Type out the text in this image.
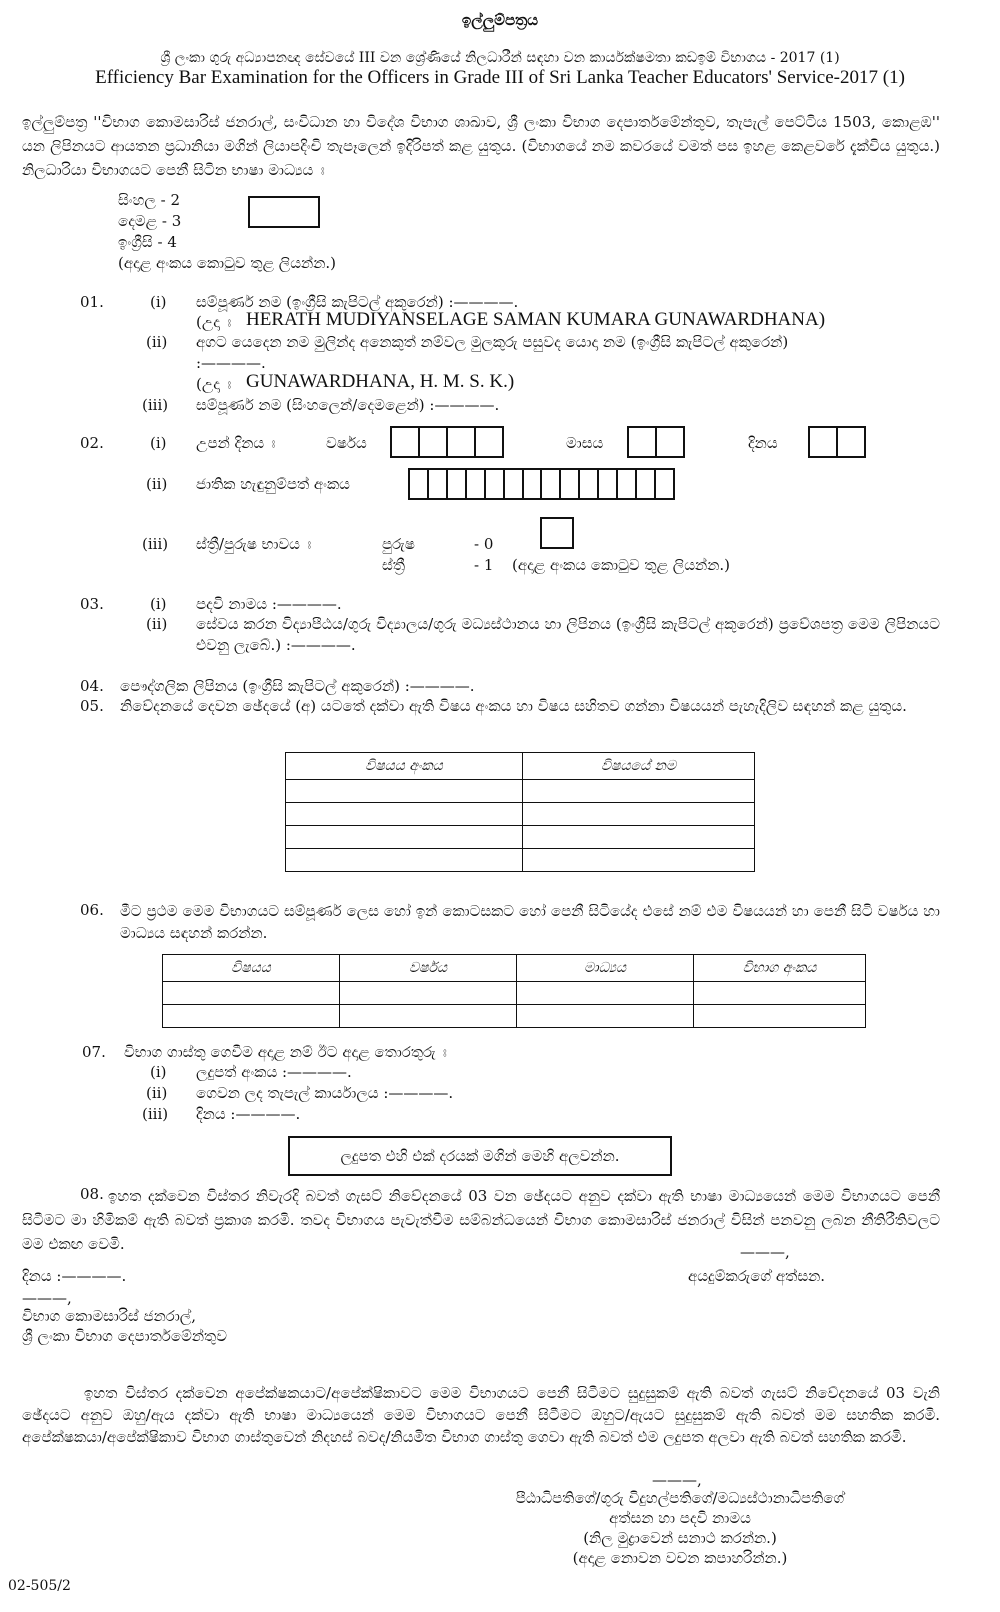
ඉල්ලුම්පත්‍රය
ශ්‍රී ලංකා ගුරු අධ්‍යාපනඥ සේවයේ III වන ශ්‍රේණියේ නිලධාරීන් සඳහා වන කාර්යක්ෂමතා කඩඉම් විභාගය - 2017 (1)
Efficiency Bar Examination for the Officers in Grade III of Sri Lanka Teacher Educators' Service-2017 (1)
ඉල්ලුම්පත්‍ර ''විභාග කොමසාරිස් ජනරාල්, සංවිධාන හා විදේශ විභාග ශාඛාව, ශ්‍රී ලංකා විභාග දෙපාර්තමේන්තුව, තැපැල් පෙට්ටිය 1503, කොළඹ'' යන ලිපිනයට ආයතන ප්‍රධානියා මගින් ලියාපදිංචි තැපෑලෙන් ඉදිරිපත් කළ යුතුය. (විභාගයේ නම කවරයේ වමත් පස ඉහළ කෙළවරේ දැක්විය යුතුය.) නිලධාරියා විභාගයට පෙනී සිටින භාෂා මාධ්‍යය ඃ
සිංහල - 2
දෙමළ - 3
ඉංග්‍රීසි - 4
(අදාළ අංකය කොටුව තුළ ලියන්න.)
01.	(i) සම්පූර්ණ නම (ඉංග්‍රීසි කැපිටල් අකුරෙන්) :————.
(උදා ඃ HERATH MUDIYANSELAGE SAMAN KUMARA GUNAWARDHANA)
(ii) අගට යෙදෙන නම මුලින්ද අනෙකුත් නම්වල මුලකුරු පසුවද යොදා නම (ඉංග්‍රීසි කැපිටල් අකුරෙන්)
:————.
(උදා ඃ GUNAWARDHANA, H. M. S. K.)
(iii) සම්පූර්ණ නම (සිංහලෙන්/දෙමළෙන්) :————.
02.	(i) උපන් දිනය ඃ	වර්ෂය	මාසය	දිනය
(ii) ජාතික හැඳුනුම්පත් අංකය
(iii) ස්ත්‍රී/පුරුෂ භාවය ඃ	පුරුෂ	- 0
ස්ත්‍රී	- 1 (අදාළ අංකය කොටුව තුළ ලියන්න.)
03.	(i) පදවි නාමය :————.
(ii) සේවය කරන විද්‍යාපීඨය/ගුරු විද්‍යාලය/ගුරු මධ්‍යස්ථානය හා ලිපිනය (ඉංග්‍රීසි කැපිටල් අකුරෙන්) ප්‍රවේශපත්‍ර මෙම ලිපිනයට එවනු ලැබේ.) :————.
04. පෞද්ගලික ලිපිනය (ඉංග්‍රීසි කැපිටල් අකුරෙන්) :————.
05. නිවේදනයේ දෙවන ඡේදයේ (අ) යටතේ දක්වා ඇති විෂය අංකය හා විෂය සහිතව ගන්නා විෂයයන් පැහැදිලිව සඳහන් කළ යුතුය.
විෂයය අංකය	විෂයයේ නම

06. මීට ප්‍රථම මෙම විභාගයට සම්පූර්ණ ලෙස හෝ ඉන් කොටසකට හෝ පෙනී සිටියේද එසේ නම් එම විෂයයන් හා පෙනී සිටි වර්ෂය හා මාධ්‍යය සඳහන් කරන්න.
විෂයය	වර්ෂය	මාධ්‍යය	විභාග අංකය

07. විභාග ගාස්තු ගෙවීම අදාළ නම් ඊට අදාළ තොරතුරු ඃ
(i) ලදුපත් අංකය :————.
(ii) ගෙවන ලද තැපැල් කාර්යාලය :————.
(iii) දිනය :————.
ලදුපත එහි එක් දරයක් මගින් මෙහි අලවන්න.
08. ඉහත දක්වෙන විස්තර නිවැරදි බවත් ගැසට් නිවේදනයේ 03 වන ඡේදයට අනුව දක්වා ඇති භාෂා මාධ්‍යයෙන් මෙම විභාගයට පෙනී සිටීමට මා හිමිකම් ඇති බවත් ප්‍රකාශ කරමි. තවද විභාගය පැවැත්වීම සම්බන්ධයෙන් විභාග කොමසාරිස් ජනරාල් විසින් පනවනු ලබන නීතිරීතිවලට මම එකඟ වෙමි.	———,
දිනය :————.	අයදුම්කරුගේ අත්සන.
———,
විභාග කොමසාරිස් ජනරාල්,
ශ්‍රී ලංකා විභාග දෙපාර්තමේන්තුව
ඉහත විස්තර දක්වෙන අපේක්ෂකයාට/අපේක්ෂිකාවට මෙම විභාගයට පෙනී සිටීමට සුදුසුකම් ඇති බවත් ගැසට් නිවේදනයේ 03 වැනි ඡේදයට අනුව ඔහු/ඇය දක්වා ඇති භාෂා මාධ්‍යයෙන් මෙම විභාගයට පෙනී සිටීමට ඔහුට/ඇයට සුදුසුකම් ඇති බවත් මම සහතික කරමි. අපේක්ෂකයා/අපේක්ෂිකාව විභාග ගාස්තුවෙන් නිදහස් බවද/නියමිත විභාග ගාස්තු ගෙවා ඇති බවත් එම ලදුපත අලවා ඇති බවත් සහතික කරමි.
———,
පීඨාධිපතිගේ/ගුරු විදුහල්පතිගේ/මධ්‍යස්ථානාධිපතිගේ
අත්සන හා පදවි නාමය
(නිල මුද්‍රාවෙන් සනාථ කරන්න.)
(අදාළ නොවන වචන කපාහරින්න.)
02-505/2
